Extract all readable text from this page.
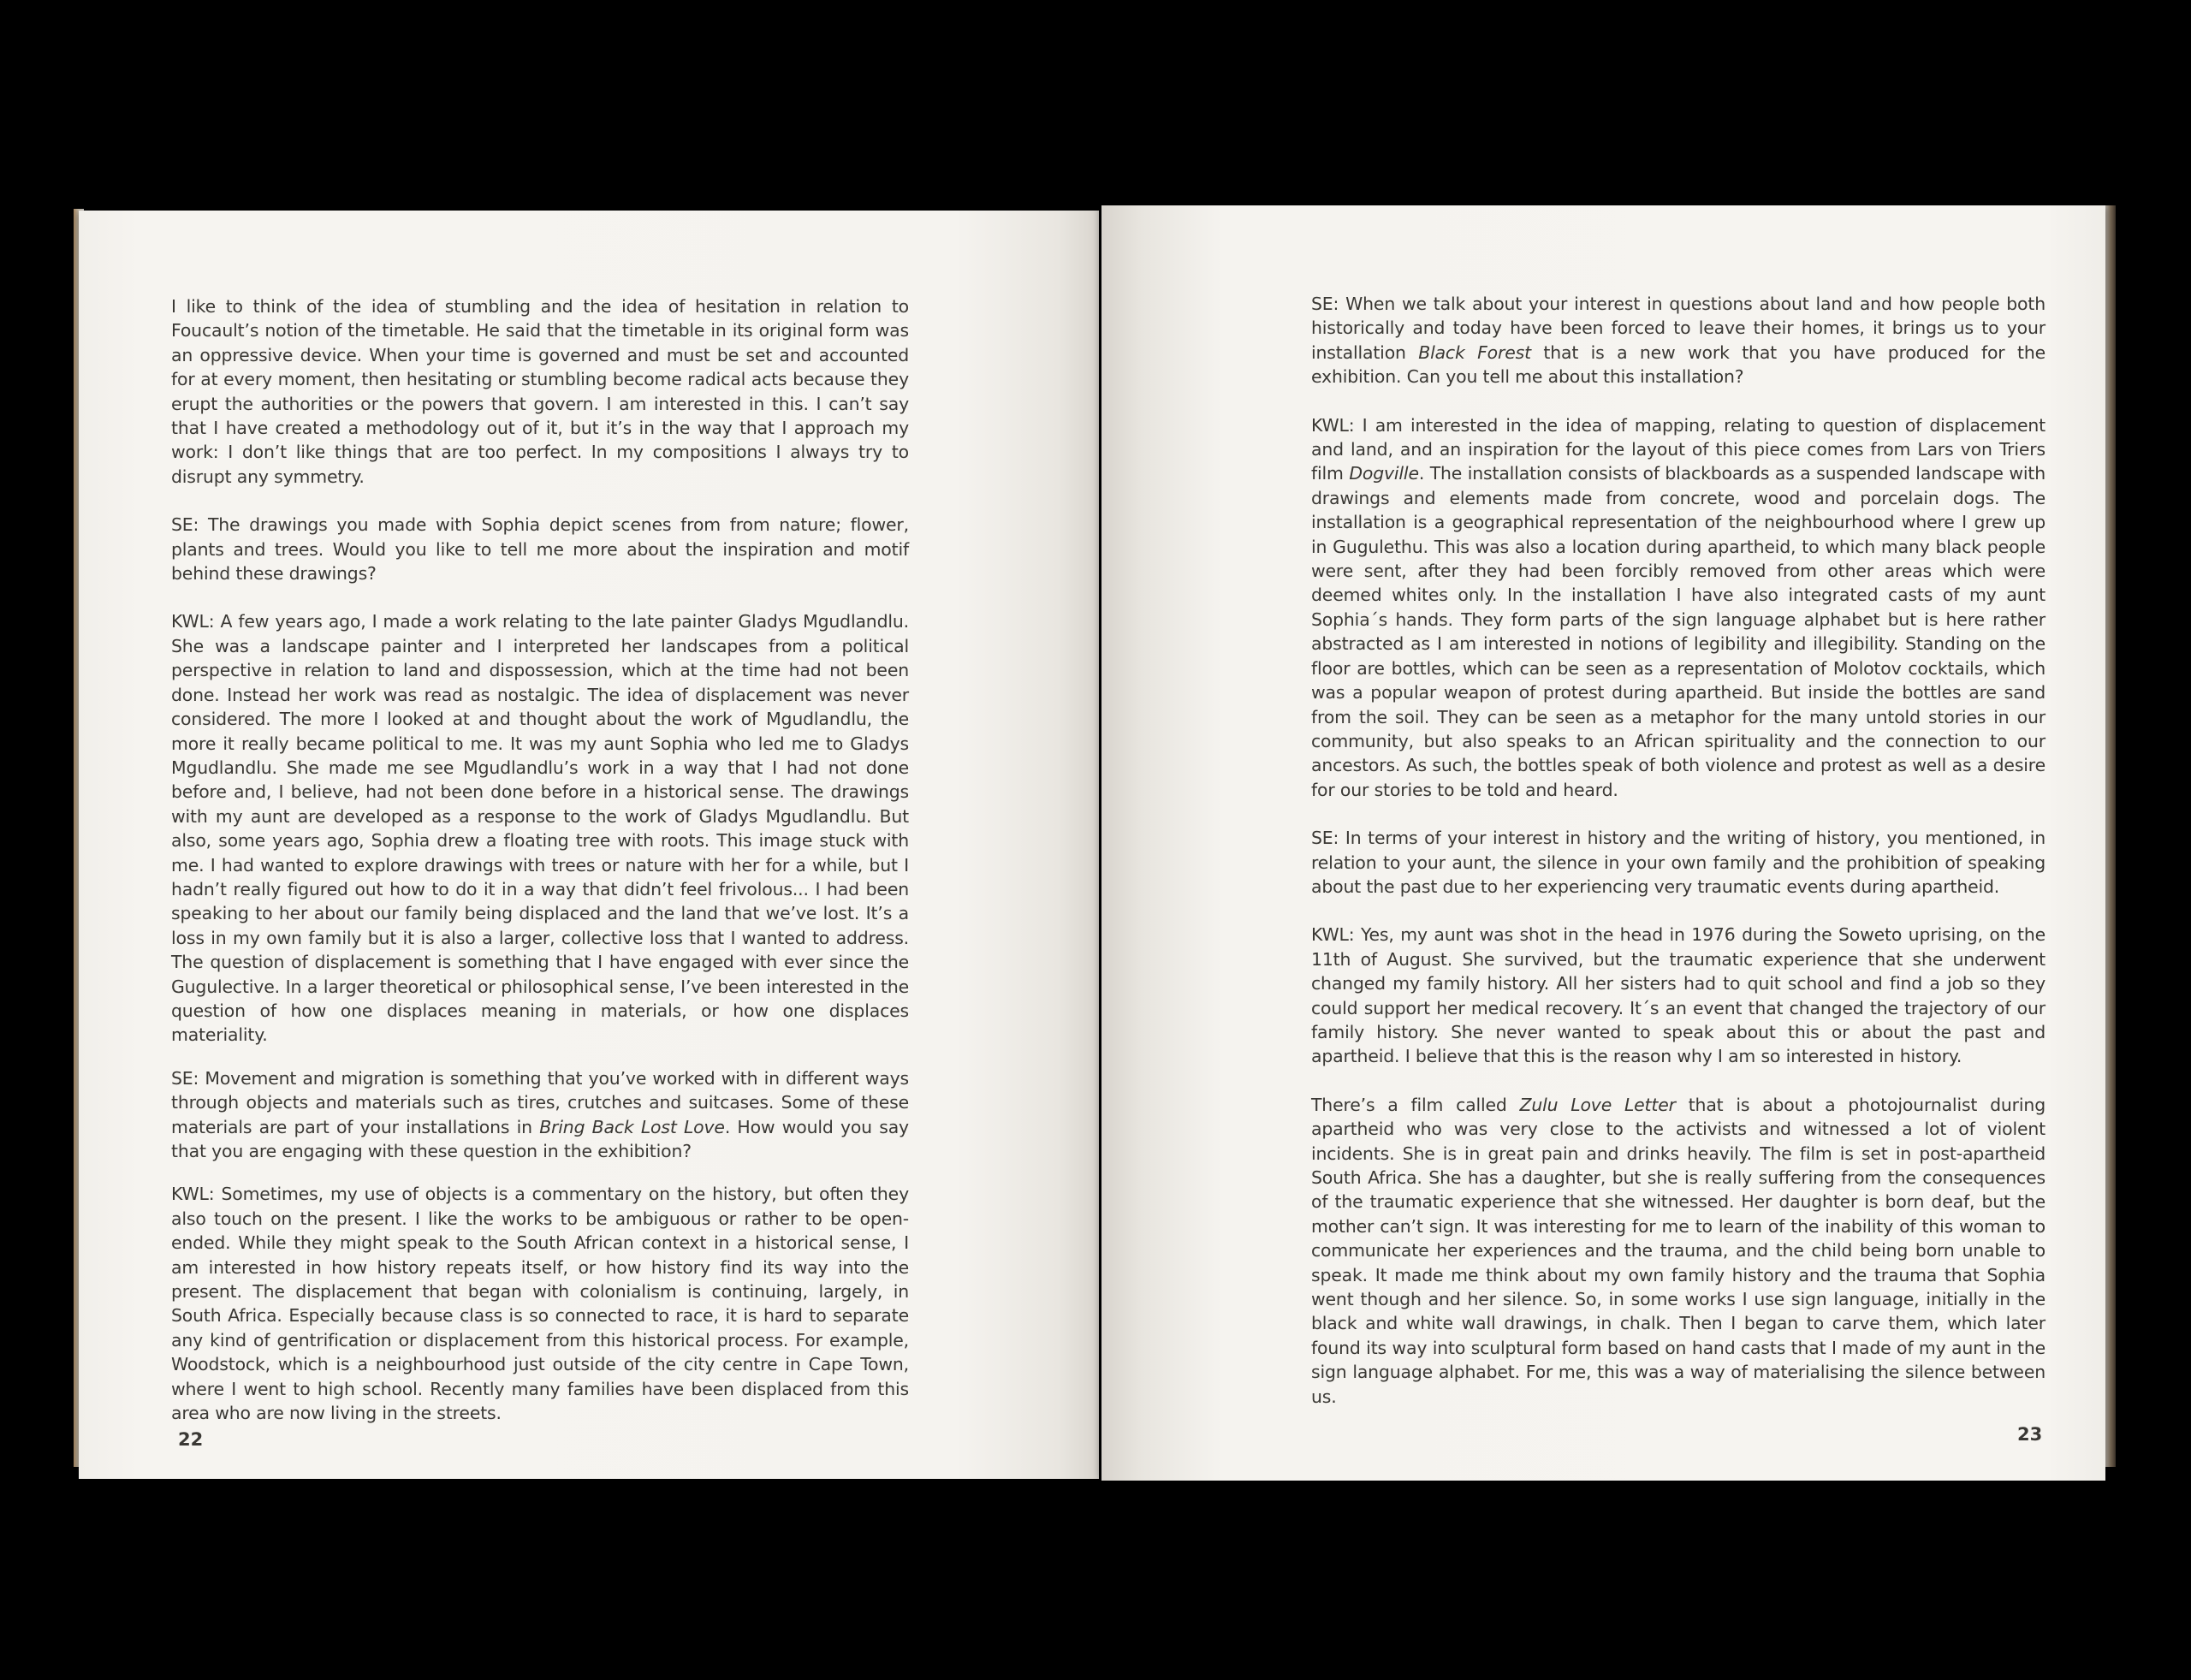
I like to think of the idea of stumbling and the idea of hesitation in relation to Foucault’s notion of the timetable. He said that the timetable in its original form was an oppressive device. When your time is governed and must be set and accounted for at every moment, then hesitating or stumbling become radical acts because they erupt the authorities or the powers that govern. I am interested in this. I can’t say that I have created a methodology out of it, but it’s in the way that I approach my work: I don’t like things that are too perfect. In my compositions I always try to disrupt any symmetry.

SE: The drawings you made with Sophia depict scenes from from nature; flower, plants and trees. Would you like to tell me more about the inspiration and motif behind these drawings?

KWL: A few years ago, I made a work relating to the late painter Gladys Mgudlandlu. She was a landscape painter and I interpreted her landscapes from a political perspective in relation to land and dispossession, which at the time had not been done. Instead her work was read as nostalgic. The idea of displacement was never considered. The more I looked at and thought about the work of Mgudlandlu, the more it really became political to me. It was my aunt Sophia who led me to Gladys Mgudlandlu. She made me see Mgudlandlu’s work in a way that I had not done before and, I believe, had not been done before in a historical sense. The drawings with my aunt are developed as a response to the work of Gladys Mgudlandlu. But also, some years ago, Sophia drew a floating tree with roots. This image stuck with me. I had wanted to explore drawings with trees or nature with her for a while, but I hadn’t really figured out how to do it in a way that didn’t feel frivolous... I had been speaking to her about our family being displaced and the land that we’ve lost. It’s a loss in my own family but it is also a larger, collective loss that I wanted to address. The question of displacement is something that I have engaged with ever since the Gugulective. In a larger theoretical or philosophical sense, I’ve been interested in the question of how one displaces meaning in materials, or how one displaces materiality.

SE: Movement and migration is something that you’ve worked with in different ways through objects and materials such as tires, crutches and suitcases. Some of these materials are part of your installations in Bring Back Lost Love. How would you say that you are engaging with these question in the exhibition?

KWL: Sometimes, my use of objects is a commentary on the history, but often they also touch on the present. I like the works to be ambiguous or rather to be open-ended. While they might speak to the South African context in a historical sense, I am interested in how history repeats itself, or how history find its way into the present. The displacement that began with colonialism is continuing, largely, in South Africa. Especially because class is so connected to race, it is hard to separate any kind of gentrification or displacement from this historical process. For example, Woodstock, which is a neighbourhood just outside of the city centre in Cape Town, where I went to high school. Recently many families have been displaced from this area who are now living in the streets.

SE: When we talk about your interest in questions about land and how people both historically and today have been forced to leave their homes, it brings us to your installation Black Forest that is a new work that you have produced for the exhibition. Can you tell me about this installation?

KWL: I am interested in the idea of mapping, relating to question of displacement and land, and an inspiration for the layout of this piece comes from Lars von Triers film Dogville. The installation consists of blackboards as a suspended landscape with drawings and elements made from concrete, wood and porcelain dogs. The installation is a geographical representation of the neighbourhood where I grew up in Gugulethu. This was also a location during apartheid, to which many black people were sent, after they had been forcibly removed from other areas which were deemed whites only. In the installation I have also integrated casts of my aunt Sophia´s hands. They form parts of the sign language alphabet but is here rather abstracted as I am interested in notions of legibility and illegibility. Standing on the floor are bottles, which can be seen as a representation of Molotov cocktails, which was a popular weapon of protest during apartheid. But inside the bottles are sand from the soil. They can be seen as a metaphor for the many untold stories in our community, but also speaks to an African spirituality and the connection to our ancestors. As such, the bottles speak of both violence and protest as well as a desire for our stories to be told and heard.

SE: In terms of your interest in history and the writing of history, you mentioned, in relation to your aunt, the silence in your own family and the prohibition of speaking about the past due to her experiencing very traumatic events during apartheid.

KWL: Yes, my aunt was shot in the head in 1976 during the Soweto uprising, on the 11th of August. She survived, but the traumatic experience that she underwent changed my family history. All her sisters had to quit school and find a job so they could support her medical recovery. It´s an event that changed the trajectory of our family history. She never wanted to speak about this or about the past and apartheid. I believe that this is the reason why I am so interested in history.

There’s a film called Zulu Love Letter that is about a photojournalist during apartheid who was very close to the activists and witnessed a lot of violent incidents. She is in great pain and drinks heavily. The film is set in post-apartheid South Africa. She has a daughter, but she is really suffering from the consequences of the traumatic experience that she witnessed. Her daughter is born deaf, but the mother can’t sign. It was interesting for me to learn of the inability of this woman to communicate her experiences and the trauma, and the child being born unable to speak. It made me think about my own family history and the trauma that Sophia went though and her silence. So, in some works I use sign language, initially in the black and white wall drawings, in chalk. Then I began to carve them, which later found its way into sculptural form based on hand casts that I made of my aunt in the sign language alphabet. For me, this was a way of materialising the silence between us.

22	23
